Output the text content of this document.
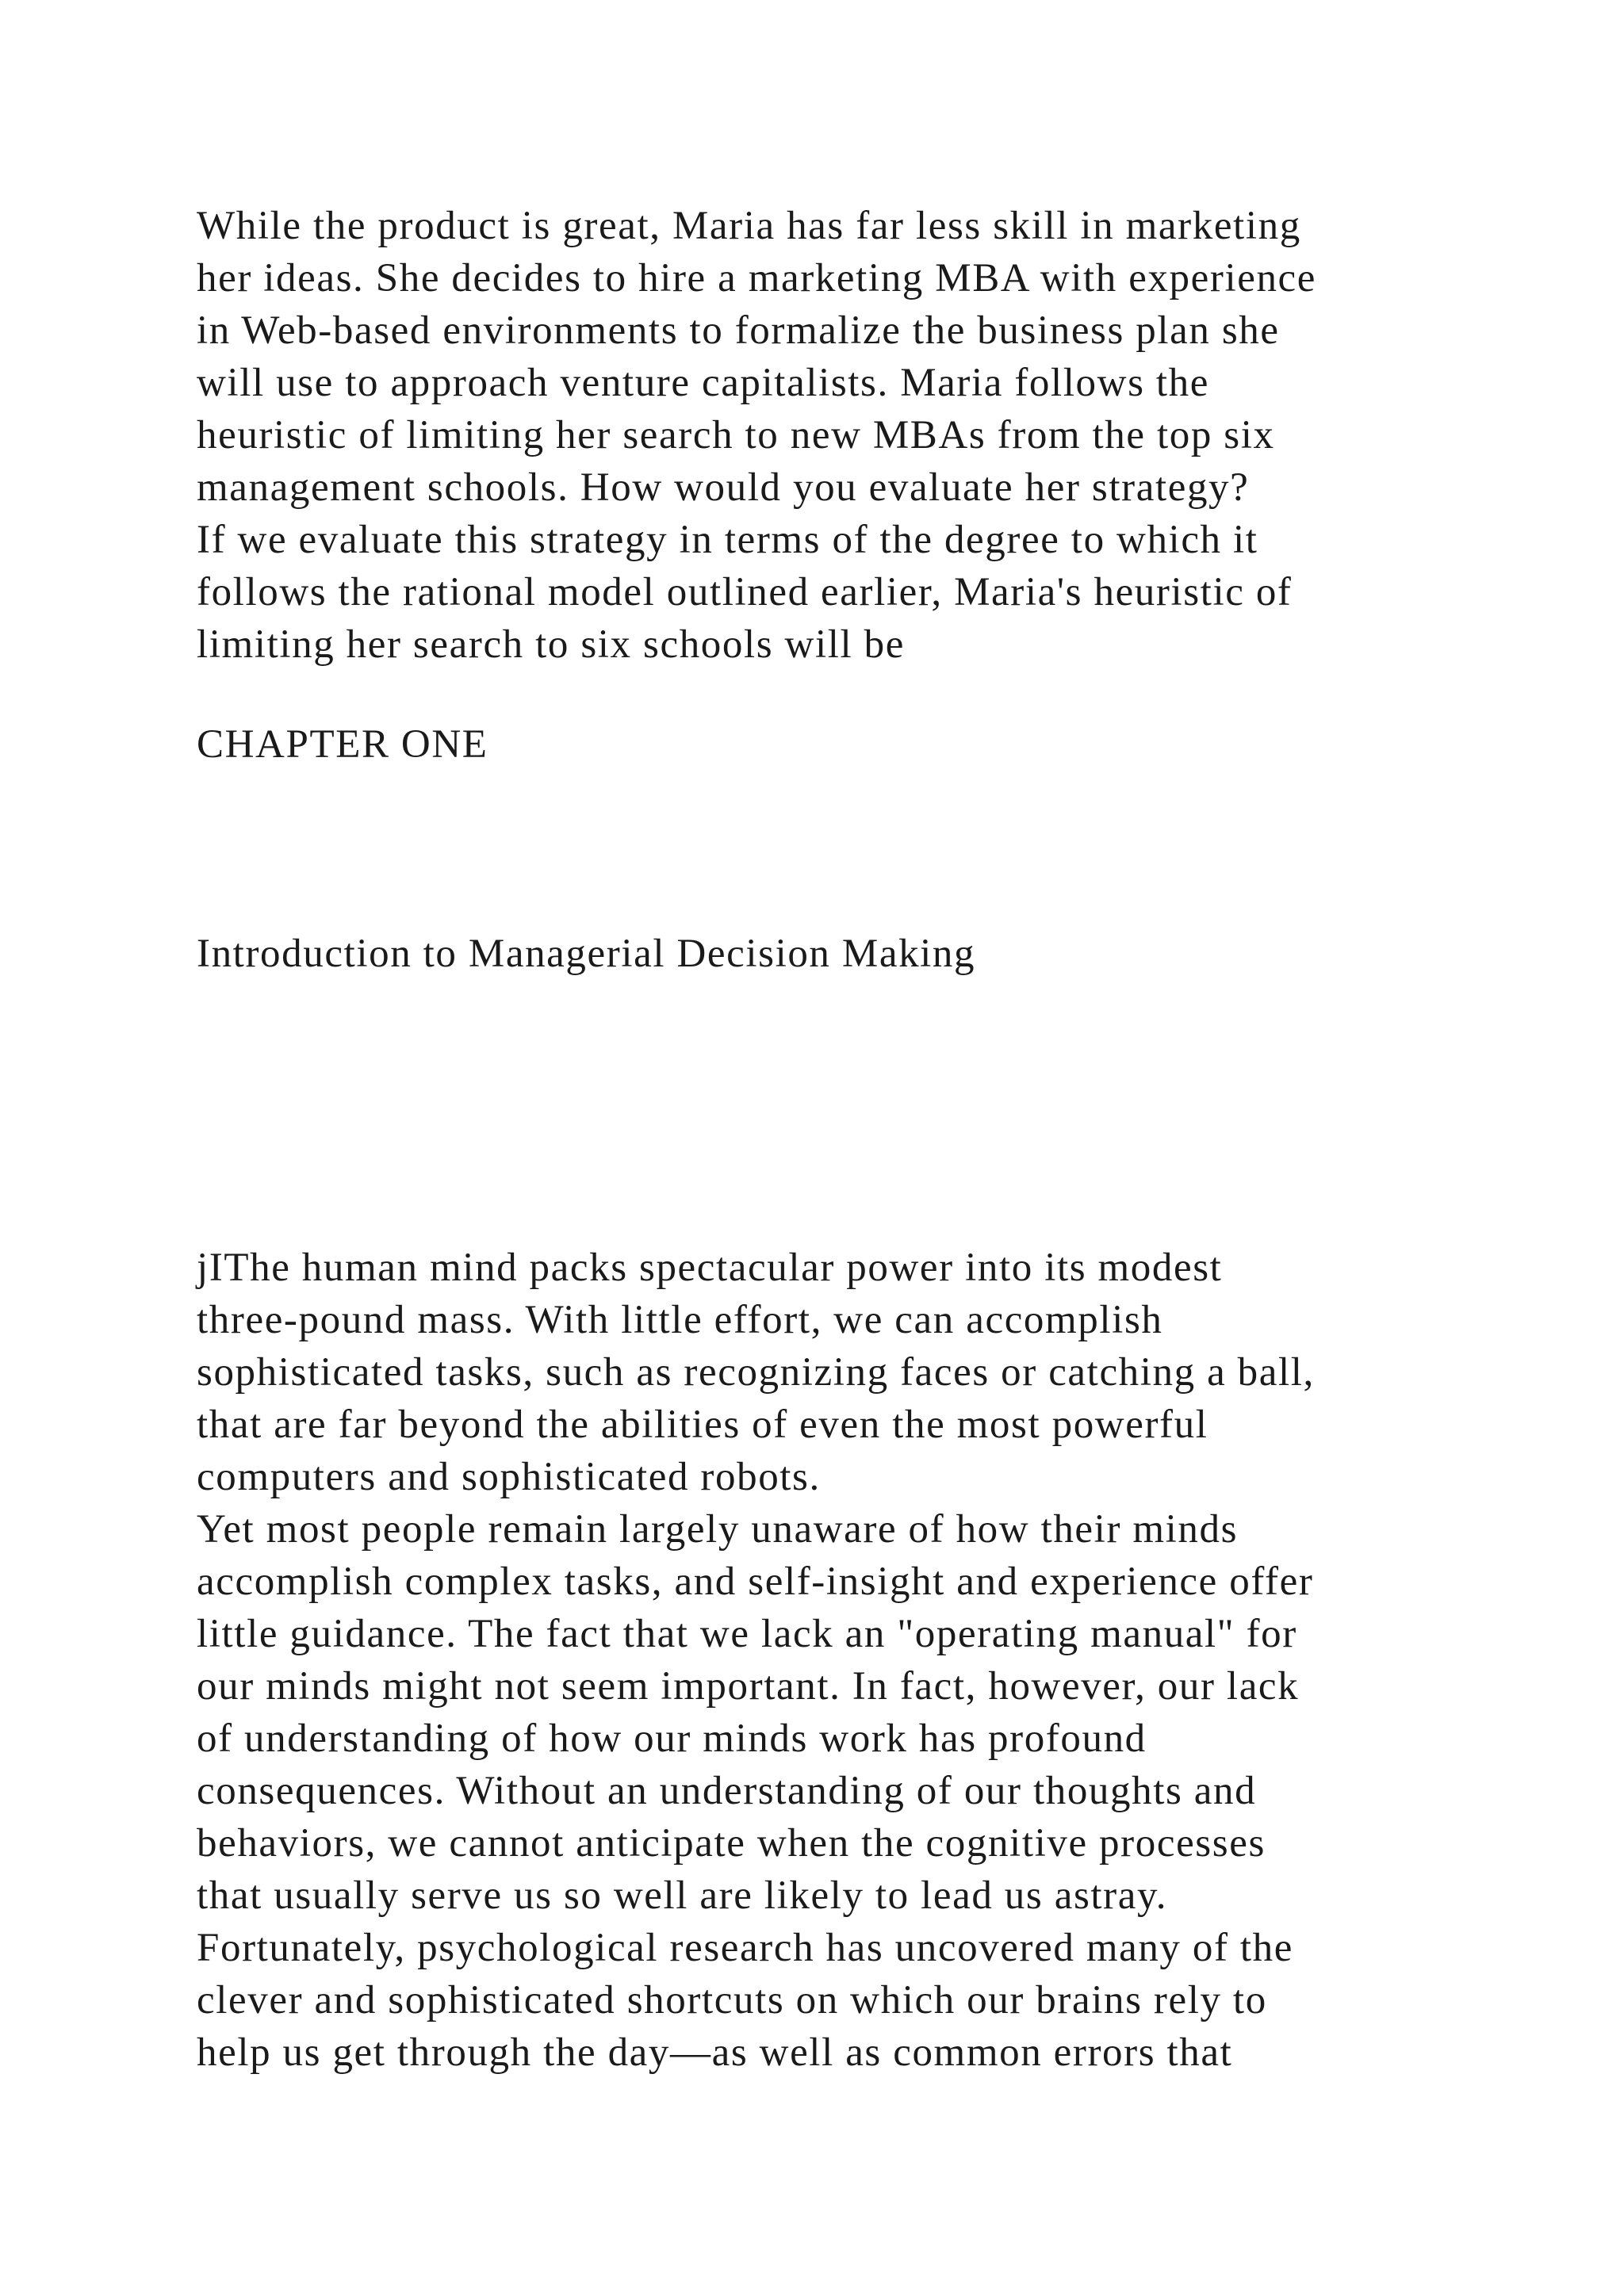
While the product is great, Maria has far less skill in marketing
her ideas. She decides to hire a marketing MBA with experience
in Web-based environments to formalize the business plan she
will use to approach venture capitalists. Maria follows the
heuristic of limiting her search to new MBAs from the top six
management schools. How would you evaluate her strategy?
If we evaluate this strategy in terms of the degree to which it
follows the rational model outlined earlier, Maria's heuristic of
limiting her search to six schools will be
CHAPTER ONE
Introduction to Managerial Decision Making
jIThe human mind packs spectacular power into its modest
three-pound mass. With little effort, we can accomplish
sophisticated tasks, such as recognizing faces or catching a ball,
that are far beyond the abilities of even the most powerful
computers and sophisticated robots.
Yet most people remain largely unaware of how their minds
accomplish complex tasks, and self-insight and experience offer
little guidance. The fact that we lack an "operating manual" for
our minds might not seem important. In fact, however, our lack
of understanding of how our minds work has profound
consequences. Without an understanding of our thoughts and
behaviors, we cannot anticipate when the cognitive processes
that usually serve us so well are likely to lead us astray.
Fortunately, psychological research has uncovered many of the
clever and sophisticated shortcuts on which our brains rely to
help us get through the day—as well as common errors that
